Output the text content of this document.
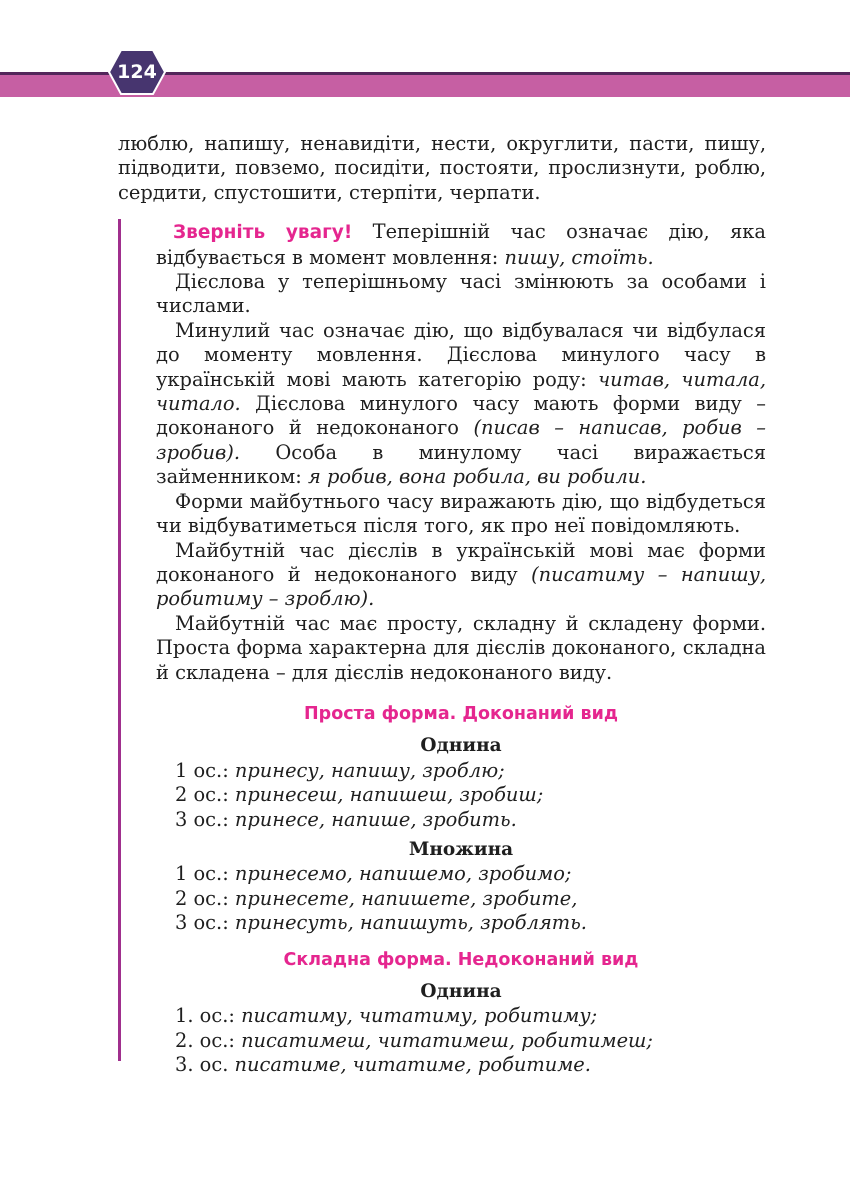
124

люблю, напишу, ненавидіти, нести, округлити, пасти, пишу, підводити, повземо, посидіти, постояти, прослизнути, роблю, сердити, спустошити, стерпіти, черпати.

Зверніть увагу! Теперішній час означає дію, яка відбувається в момент мовлення: пишу, стоїть.

Дієслова у теперішньому часі змінюють за особами і числами.

Минулий час означає дію, що відбувалася чи відбулася до моменту мовлення. Дієслова минулого часу в українській мові мають категорію роду: читав, читала, читало. Дієслова минулого часу мають форми виду – доконаного й недоконаного (писав – написав, робив – зробив). Особа в минулому часі виражається займенником: я робив, вона робила, ви робили.

Форми майбутнього часу виражають дію, що відбудеться чи відбуватиметься після того, як про неї повідомляють.

Майбутній час дієслів в українській мові має форми доконаного й недоконаного виду (писатиму – напишу, робитиму – зроблю).

Майбутній час має просту, складну й складену форми. Проста форма характерна для дієслів доконаного, складна й складена – для дієслів недоконаного виду.

Проста форма. Доконаний вид
Однина
1 ос.: принесу, напишу, зроблю;
2 ос.: принесеш, напишеш, зробиш;
3 ос.: принесе, напише, зробить.
Множина
1 ос.: принесемо, напишемо, зробимо;
2 ос.: принесете, напишете, зробите,
3 ос.: принесуть, напишуть, зроблять.
Складна форма. Недоконаний вид
Однина
1. ос.: писатиму, читатиму, робитиму;
2. ос.: писатимеш, читатимеш, робитимеш;
3. ос. писатиме, читатиме, робитиме.
